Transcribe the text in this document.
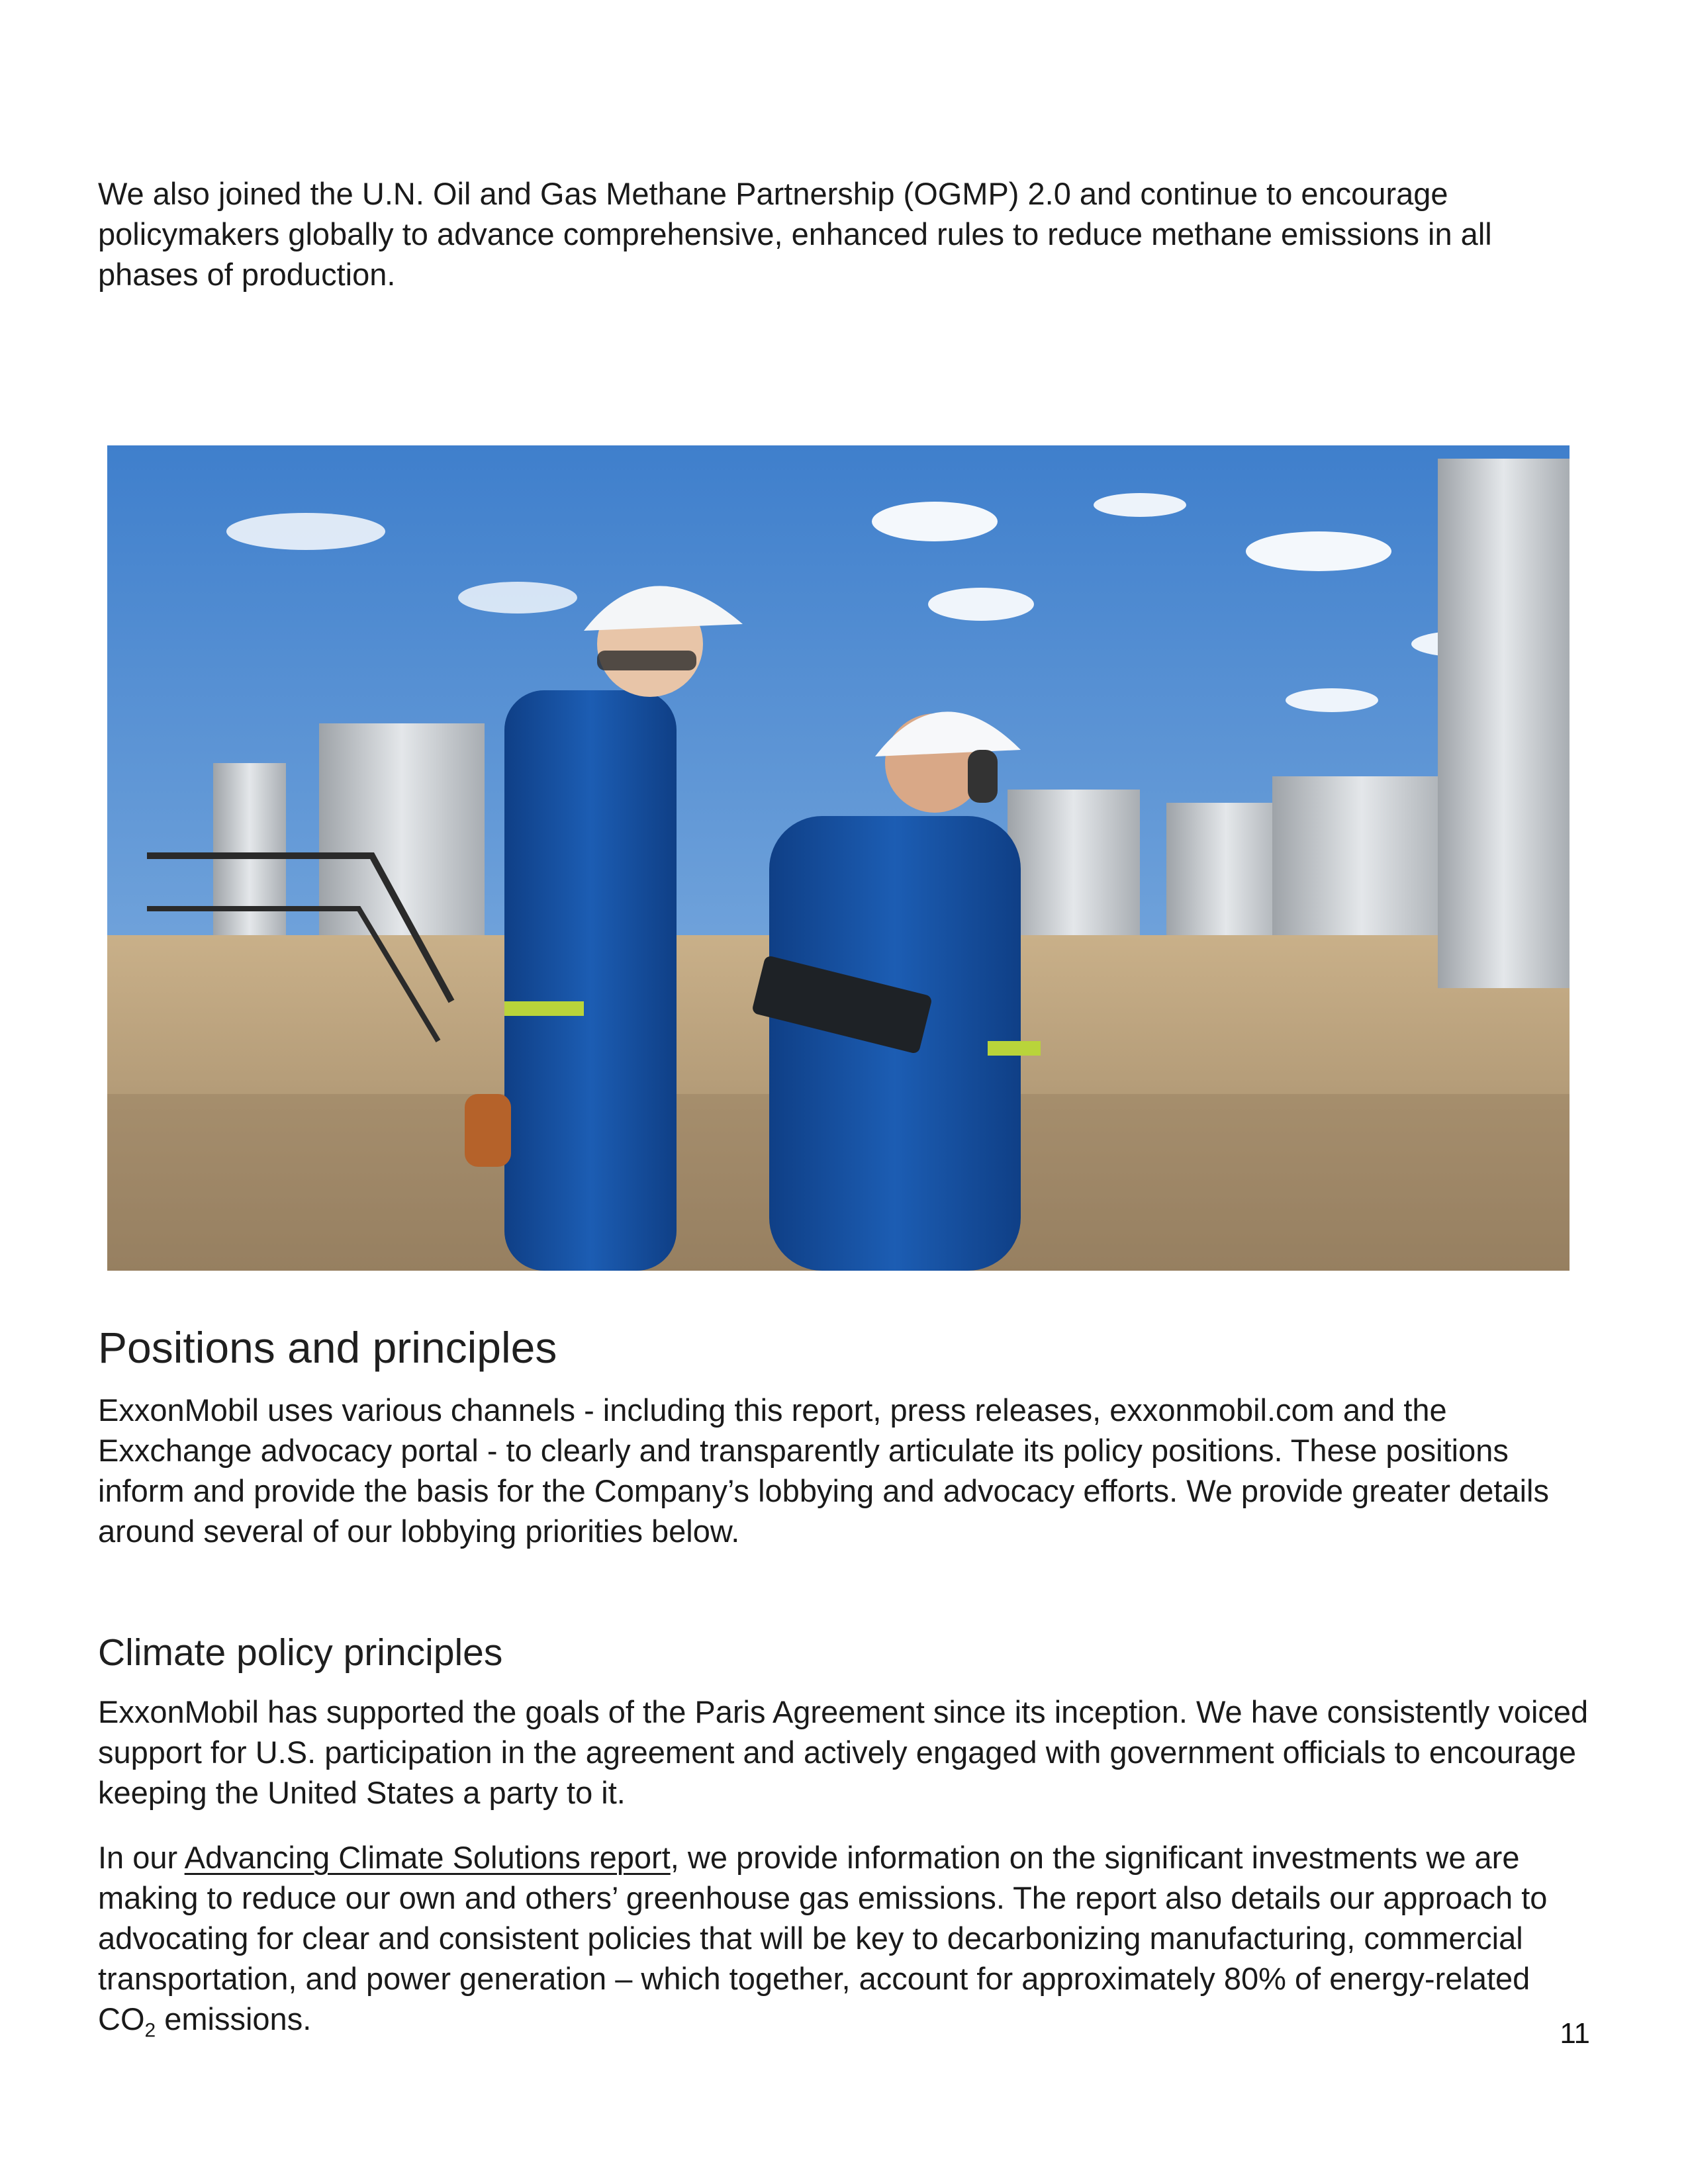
We also joined the U.N. Oil and Gas Methane Partnership (OGMP) 2.0 and continue to encourage policymakers globally to advance comprehensive, enhanced rules to reduce methane emissions in all phases of production.

Positions and principles

ExxonMobil uses various channels - including this report, press releases, exxonmobil.com and the Exxchange advocacy portal - to clearly and transparently articulate its policy positions. These positions inform and provide the basis for the Company’s lobbying and advocacy efforts. We provide greater details around several of our lobbying priorities below.

Climate policy principles

ExxonMobil has supported the goals of the Paris Agreement since its inception. We have consistently voiced support for U.S. participation in the agreement and actively engaged with government officials to encourage keeping the United States a party to it.

In our Advancing Climate Solutions report, we provide information on the significant investments we are making to reduce our own and others’ greenhouse gas emissions. The report also details our approach to advocating for clear and consistent policies that will be key to decarbonizing manufacturing, commercial transportation, and power generation – which together, account for approximately 80% of energy-related $CO_2$ emissions.	11
